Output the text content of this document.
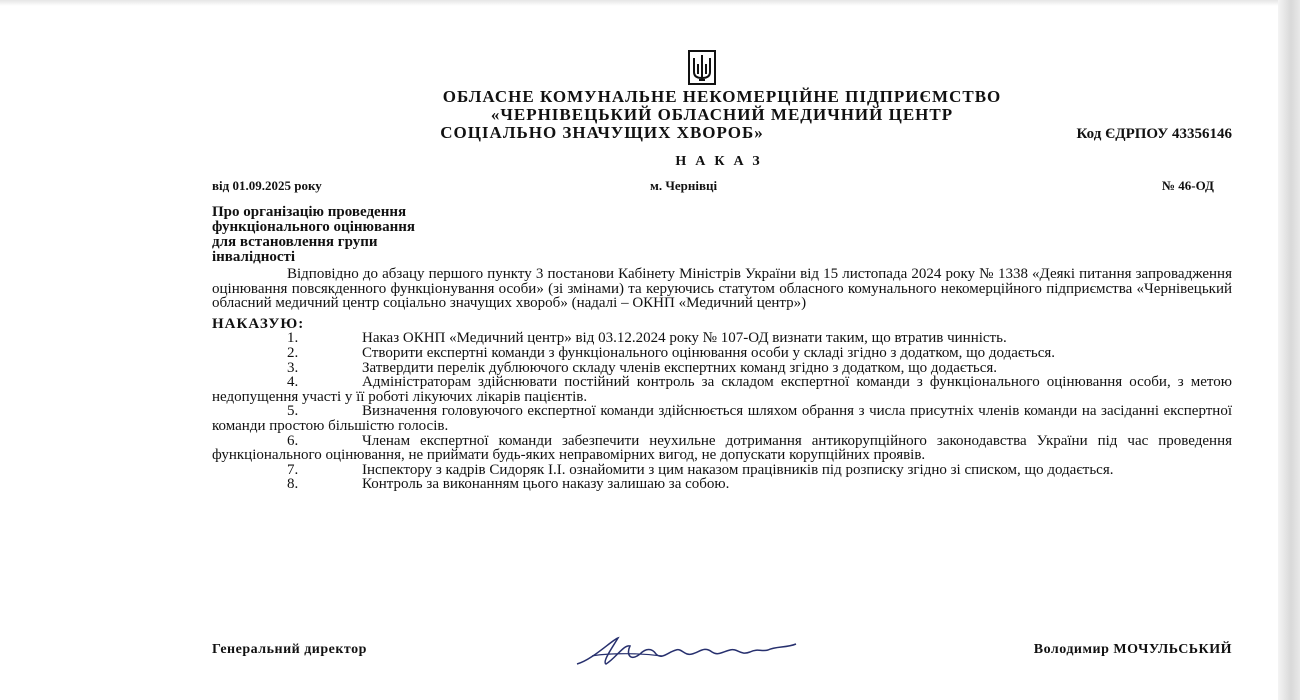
ОБЛАСНЕ КОМУНАЛЬНЕ НЕКОМЕРЦІЙНЕ ПІДПРИЄМСТВО
«ЧЕРНІВЕЦЬКИЙ ОБЛАСНИЙ МЕДИЧНИЙ ЦЕНТР
СОЦІАЛЬНО ЗНАЧУЩИХ ХВОРОБ»	Код ЄДРПОУ 43356146
НАКАЗ
від 01.09.2025 року	м. Чернівці	№ 46-ОД
Про організацію проведення
функціонального оцінювання
для встановлення групи
інвалідності

Відповідно до абзацу першого пункту 3 постанови Кабінету Міністрів України від 15 листопада 2024 року № 1338 «Деякі питання запровадження оцінювання повсякденного функціонування особи» (зі змінами) та керуючись статутом обласного комунального некомерційного підприємства «Чернівецький обласний медичний центр соціально значущих хвороб» (надалі – ОКНП «Медичний центр»)

НАКАЗУЮ:
1.	Наказ ОКНП «Медичний центр» від 03.12.2024 року № 107-ОД визнати таким, що втратив чинність.
2.	Створити експертні команди з функціонального оцінювання особи у складі згідно з додатком, що додається.
3.	Затвердити перелік дублюючого складу членів експертних команд згідно з додатком, що додається.
4.	Адміністраторам здійснювати постійний контроль за складом експертної команди з функціонального оцінювання особи, з метою недопущення участі у її роботі лікуючих лікарів пацієнтів.
5.	Визначення головуючого експертної команди здійснюється шляхом обрання з числа присутніх членів команди на засіданні експертної команди простою більшістю голосів.
6.	Членам експертної команди забезпечити неухильне дотримання антикорупційного законодавства України під час проведення функціонального оцінювання, не приймати будь-яких неправомірних вигод, не допускати корупційних проявів.
7.	Інспектору з кадрів Сидоряк І.І. ознайомити з цим наказом працівників під розписку згідно зі списком, що додається.
8.	Контроль за виконанням цього наказу залишаю за собою.
Генеральний директор	Володимир МОЧУЛЬСЬКИЙ
